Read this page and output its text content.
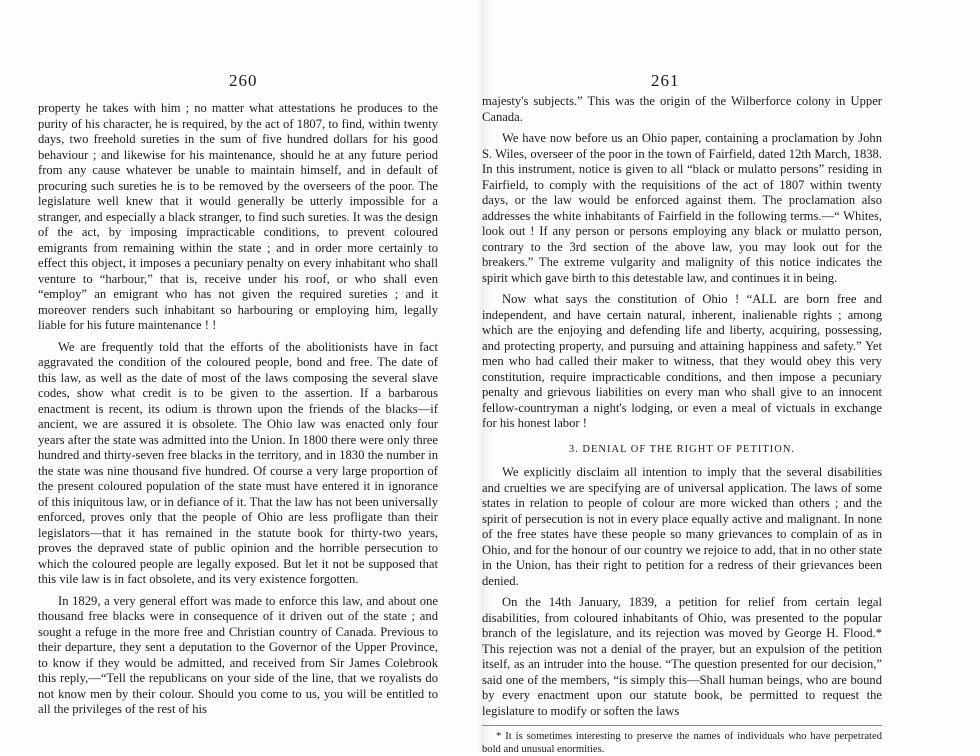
260

property he takes with him ; no matter what attestations he produces to the purity of his character, he is required, by the act of 1807, to find, within twenty days, two freehold sureties in the sum of five hundred dollars for his good behaviour ; and likewise for his maintenance, should he at any future period from any cause whatever be unable to maintain himself, and in default of procuring such sureties he is to be removed by the overseers of the poor. The legislature well knew that it would generally be utterly impossible for a stranger, and especially a black stranger, to find such sureties. It was the design of the act, by imposing impracticable conditions, to prevent coloured emigrants from remaining within the state ; and in order more certainly to effect this object, it imposes a pecuniary penalty on every inhabitant who shall venture to “harbour,” that is, receive under his roof, or who shall even “employ” an emigrant who has not given the required sureties ; and it moreover renders such inhabitant so harbouring or employing him, legally liable for his future maintenance ! !

We are frequently told that the efforts of the abolitionists have in fact aggravated the condition of the coloured people, bond and free. The date of this law, as well as the date of most of the laws composing the several slave codes, show what credit is to be given to the assertion. If a barbarous enactment is recent, its odium is thrown upon the friends of the blacks—if ancient, we are assured it is obsolete. The Ohio law was enacted only four years after the state was admitted into the Union. In 1800 there were only three hundred and thirty-seven free blacks in the territory, and in 1830 the number in the state was nine thousand five hundred. Of course a very large proportion of the present coloured population of the state must have entered it in ignorance of this iniquitous law, or in defiance of it. That the law has not been universally enforced, proves only that the people of Ohio are less profligate than their legislators—that it has remained in the statute book for thirty-two years, proves the depraved state of public opinion and the horrible persecution to which the coloured people are legally exposed. But let it not be supposed that this vile law is in fact obsolete, and its very existence forgotten.

In 1829, a very general effort was made to enforce this law, and about one thousand free blacks were in consequence of it driven out of the state ; and sought a refuge in the more free and Christian country of Canada. Previous to their departure, they sent a deputation to the Governor of the Upper Province, to know if they would be admitted, and received from Sir James Colebrook this reply,—“Tell the republicans on your side of the line, that we royalists do not know men by their colour. Should you come to us, you will be entitled to all the privileges of the rest of his

261

majesty's subjects.” This was the origin of the Wilberforce colony in Upper Canada.

We have now before us an Ohio paper, containing a proclamation by John S. Wiles, overseer of the poor in the town of Fairfield, dated 12th March, 1838. In this instrument, notice is given to all “black or mulatto persons” residing in Fairfield, to comply with the requisitions of the act of 1807 within twenty days, or the law would be enforced against them. The proclamation also addresses the white inhabitants of Fairfield in the following terms.—“ Whites, look out ! If any person or persons employing any black or mulatto person, contrary to the 3rd section of the above law, you may look out for the breakers.” The extreme vulgarity and malignity of this notice indicates the spirit which gave birth to this detestable law, and continues it in being.

Now what says the constitution of Ohio ! “ALL are born free and independent, and have certain natural, inherent, inalienable rights ; among which are the enjoying and defending life and liberty, acquiring, possessing, and protecting property, and pursuing and attaining happiness and safety.” Yet men who had called their maker to witness, that they would obey this very constitution, require impracticable conditions, and then impose a pecuniary penalty and grievous liabilities on every man who shall give to an innocent fellow-countryman a night's lodging, or even a meal of victuals in exchange for his honest labor !

3. DENIAL OF THE RIGHT OF PETITION.

We explicitly disclaim all intention to imply that the several disabilities and cruelties we are specifying are of universal application. The laws of some states in relation to people of colour are more wicked than others ; and the spirit of persecution is not in every place equally active and malignant. In none of the free states have these people so many grievances to complain of as in Ohio, and for the honour of our country we rejoice to add, that in no other state in the Union, has their right to petition for a redress of their grievances been denied.

On the 14th January, 1839, a petition for relief from certain legal disabilities, from coloured inhabitants of Ohio, was presented to the popular branch of the legislature, and its rejection was moved by George H. Flood.* This rejection was not a denial of the prayer, but an expulsion of the petition itself, as an intruder into the house. “The question presented for our decision,” said one of the members, “is simply this—Shall human beings, who are bound by every enactment upon our statute book, be permitted to request the legislature to modify or soften the laws

* It is sometimes interesting to preserve the names of individuals who have perpetrated bold and unusual enormities.
